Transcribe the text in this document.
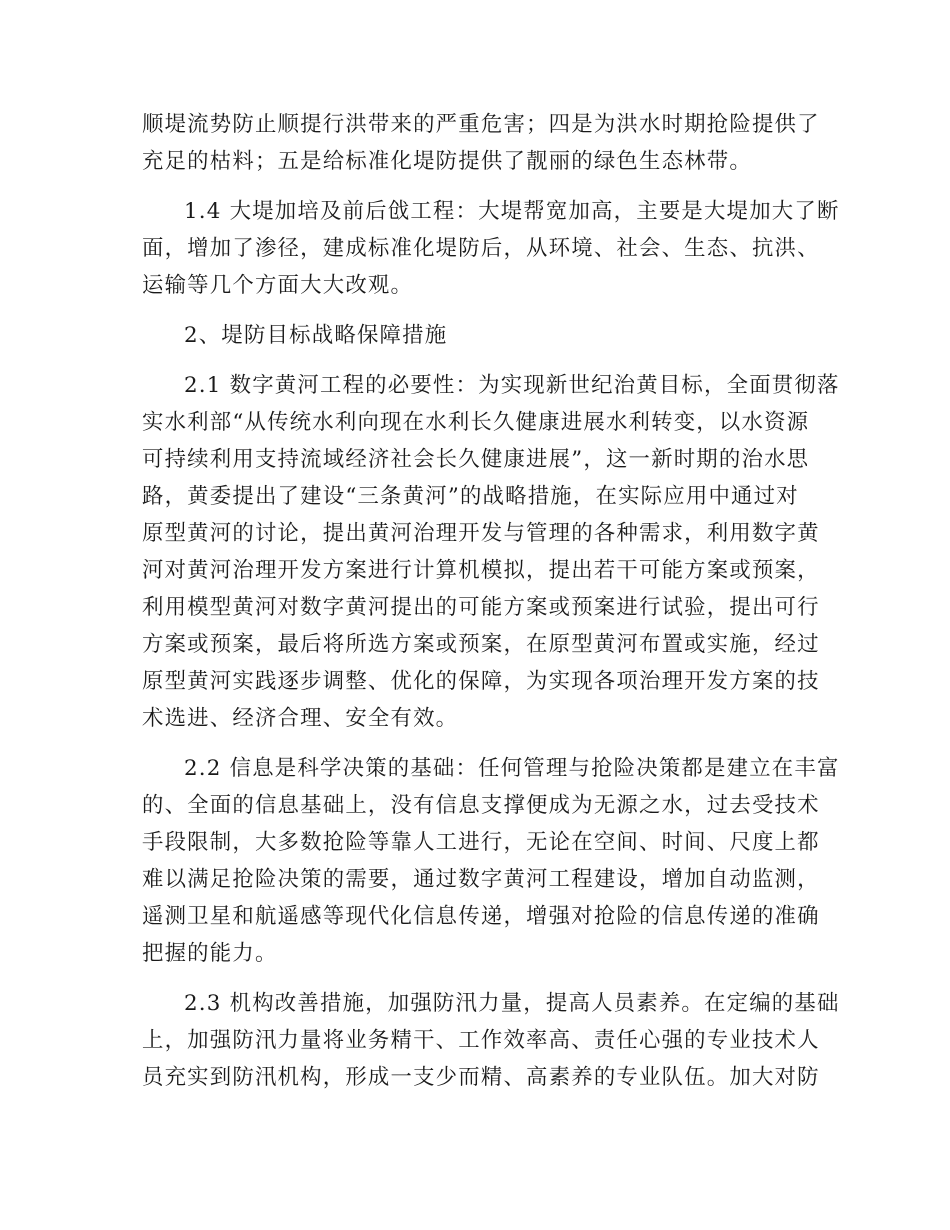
顺堤流势防止顺提行洪带来的严重危害；四是为洪水时期抢险提供了
充足的枯料；五是给标准化堤防提供了靓丽的绿色生态林带。

1.4 大堤加培及前后戗工程：大堤帮宽加高，主要是大堤加大了断
面，增加了渗径，建成标准化堤防后，从环境、社会、生态、抗洪、
运输等几个方面大大改观。

2、堤防目标战略保障措施

2.1 数字黄河工程的必要性：为实现新世纪治黄目标，全面贯彻落
实水利部“从传统水利向现在水利长久健康进展水利转变，以水资源
可持续利用支持流域经济社会长久健康进展”，这一新时期的治水思
路，黄委提出了建设“三条黄河”的战略措施，在实际应用中通过对
原型黄河的讨论，提出黄河治理开发与管理的各种需求，利用数字黄
河对黄河治理开发方案进行计算机模拟，提出若干可能方案或预案，
利用模型黄河对数字黄河提出的可能方案或预案进行试验，提出可行
方案或预案，最后将所选方案或预案，在原型黄河布置或实施，经过
原型黄河实践逐步调整、优化的保障，为实现各项治理开发方案的技
术选进、经济合理、安全有效。

2.2 信息是科学决策的基础：任何管理与抢险决策都是建立在丰富
的、全面的信息基础上，没有信息支撑便成为无源之水，过去受技术
手段限制，大多数抢险等靠人工进行，无论在空间、时间、尺度上都
难以满足抢险决策的需要，通过数字黄河工程建设，增加自动监测，
遥测卫星和航遥感等现代化信息传递，增强对抢险的信息传递的准确
把握的能力。

2.3 机构改善措施，加强防汛力量，提高人员素养。在定编的基础
上，加强防汛力量将业务精干、工作效率高、责任心强的专业技术人
员充实到防汛机构，形成一支少而精、高素养的专业队伍。加大对防
